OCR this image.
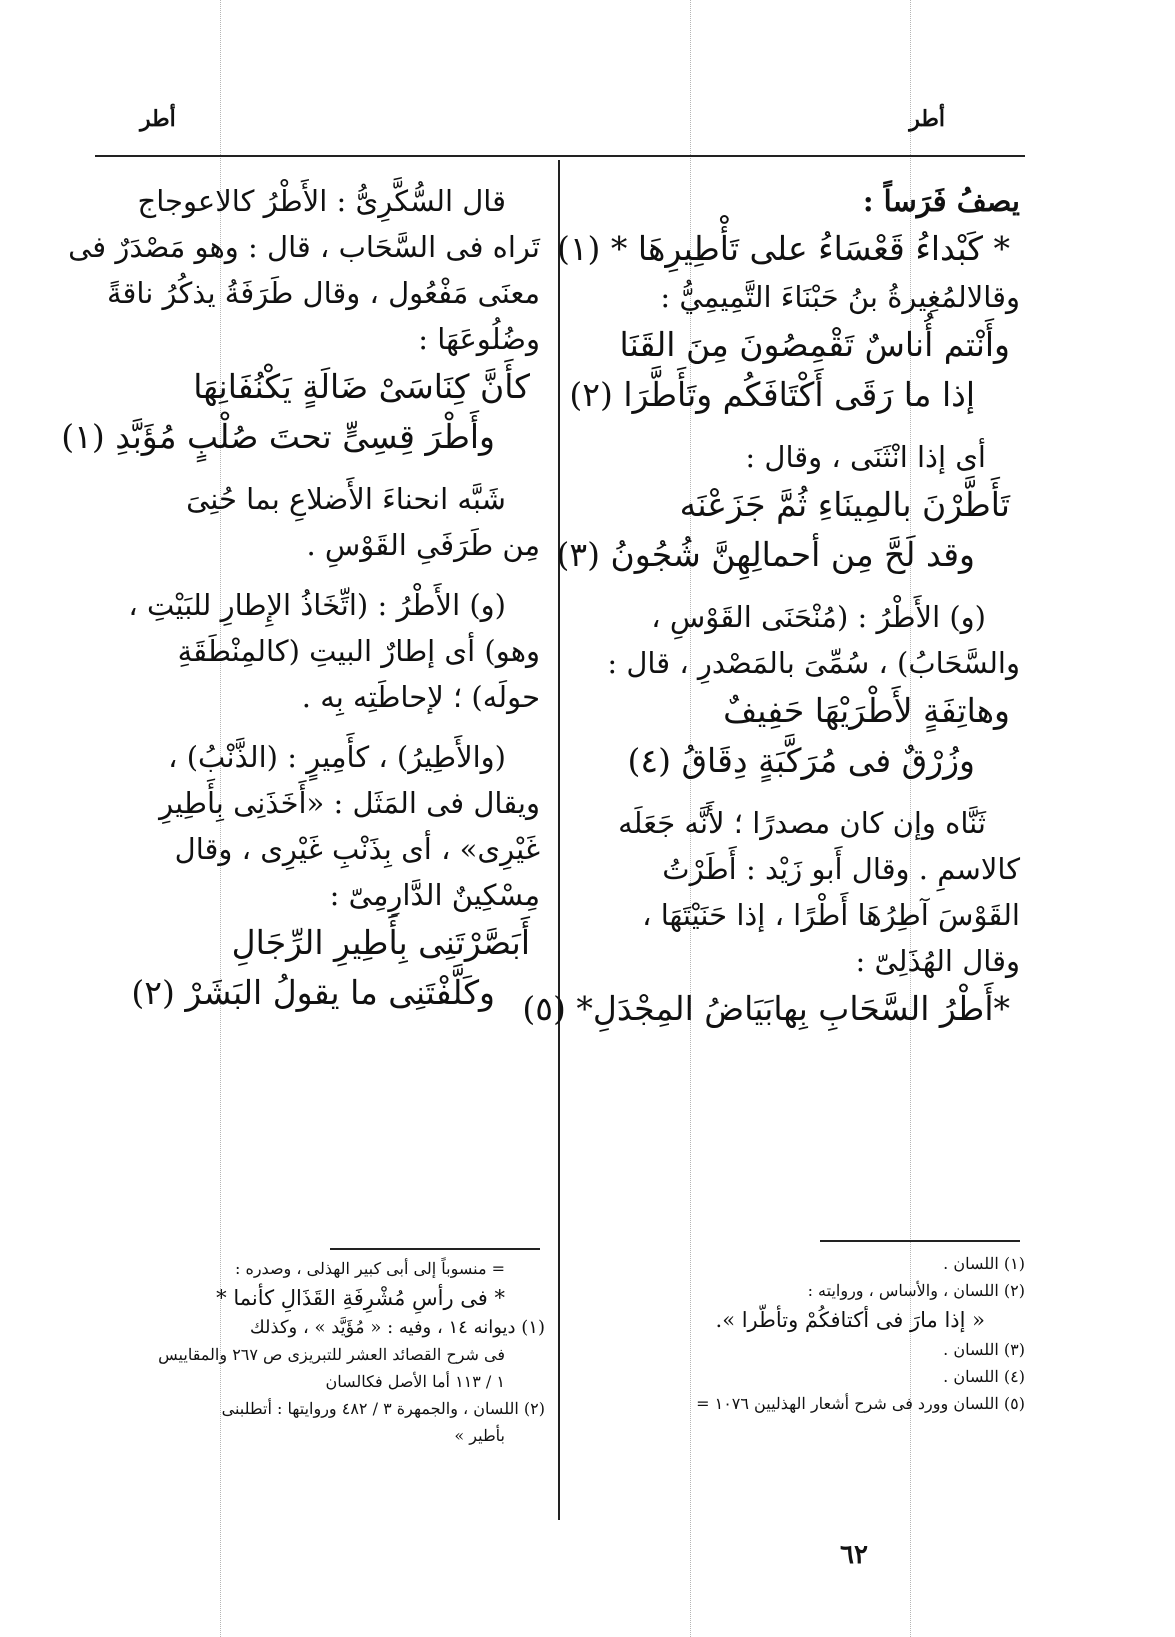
أطر
أطر
يصفُ فَرَساً :
* كَبْداءُ قَعْسَاءُ على تَأْطِيرِهَا * (١)
وقالالمُغِيرةُ بنُ حَبْنَاءَ التَّمِيمِيُّ :
وأَنْتم أُناسٌ تَقْمِصُونَ مِنَ القَنَا
إذا ما رَقَى أَكْتَافَكُم وتَأَطَّرَا (٢)
أى إذا انْثَنَى ، وقال :
تَأَطَّرْنَ بالمِينَاءِ ثُمَّ جَزَعْنَه
وقد لَحَّ مِن أحمالِهِنَّ شُجُونُ (٣)
(و) الأَطْرُ : (مُنْحَنَى القَوْسِ ،
والسَّحَابُ) ، سُمِّىَ بالمَصْدرِ ، قال :
وهاتِفَةٍ لأَطْرَيْهَا حَفِيفٌ
وزُرْقٌ فى مُرَكَّبَةٍ دِقَاقُ (٤)
ثَنَّاه وإن كان مصدرًا ؛ لأَنَّه جَعَلَه
كالاسمِ . وقال أَبو زَيْد : أَطَرْتُ
القَوْسَ آطِرُهَا أَطْرًا ، إذا حَنَيْتَهَا ،
وقال الهُذَلِىّ :
*أَطْرُ السَّحَابِ بِهابَيَاضُ المِجْدَلِ* (٥)
قال السُّكَّرِىُّ : الأَطْرُ كالاعوجاج
تَراه فى السَّحَاب ، قال : وهو مَصْدَرٌ فى
معنَى مَفْعُول ، وقال طَرَفَةُ يذكُرُ ناقةً
وضُلُوعَهَا :
كأَنَّ كِنَاسَىْ ضَالَةٍ يَكْنُفَانِهَا
وأَطْرَ قِسِىٍّ تحتَ صُلْبٍ مُؤَبَّدِ (١)
شَبَّه انحناءَ الأَضلاعِ بما حُنِىَ
مِن طَرَفَىِ القَوْسِ .
(و) الأَطْرُ : (اتِّخَاذُ الإِطارِ للبَيْتِ ،
وهو) أى إطارٌ البيتِ (كالمِنْطَقَةِ
حولَه) ؛ لإحاطَتِه بِه .
(والأَطِيرُ) ، كأَمِيرٍ : (الذَّنْبُ) ،
ويقال فى المَثَل : «أَخَذَنِى بِأَطِيرِ
غَيْرِى» ، أى بِذَنْبِ غَيْرِى ، وقال
مِسْكِينٌ الدَّارِمِىّ :
أَبَصَّرْتَنِى بِأَطِيرِ الرِّجَالِ
وكَلَّفْتَنِى ما يقولُ البَشَرْ (٢)
(١) اللسان .
(٢) اللسان ، والأساس ، وروايته :
« إذا مارَ فى أكتافكُمْ وتأطّرا ».
(٣) اللسان .
(٤) اللسان .
(٥) اللسان وورد فى شرح أشعار الهذليين ١٠٧٦ =
= منسوباً إلى أبى كبير الهذلى ، وصدره :
* فى رأسِ مُشْرِفَةِ القَذَالِ كأنما *
(١) ديوانه ١٤ ، وفيه : « مُؤَيَّد » ، وكذلك
فى شرح القصائد العشر للتبريزى ص ٢٦٧ والمقاييس
١ / ١١٣ أما الأصل فكالسان
(٢) اللسان ، والجمهرة ٣ / ٤٨٢ وروايتها : أتطلبنى
بأطير »
٦٢
